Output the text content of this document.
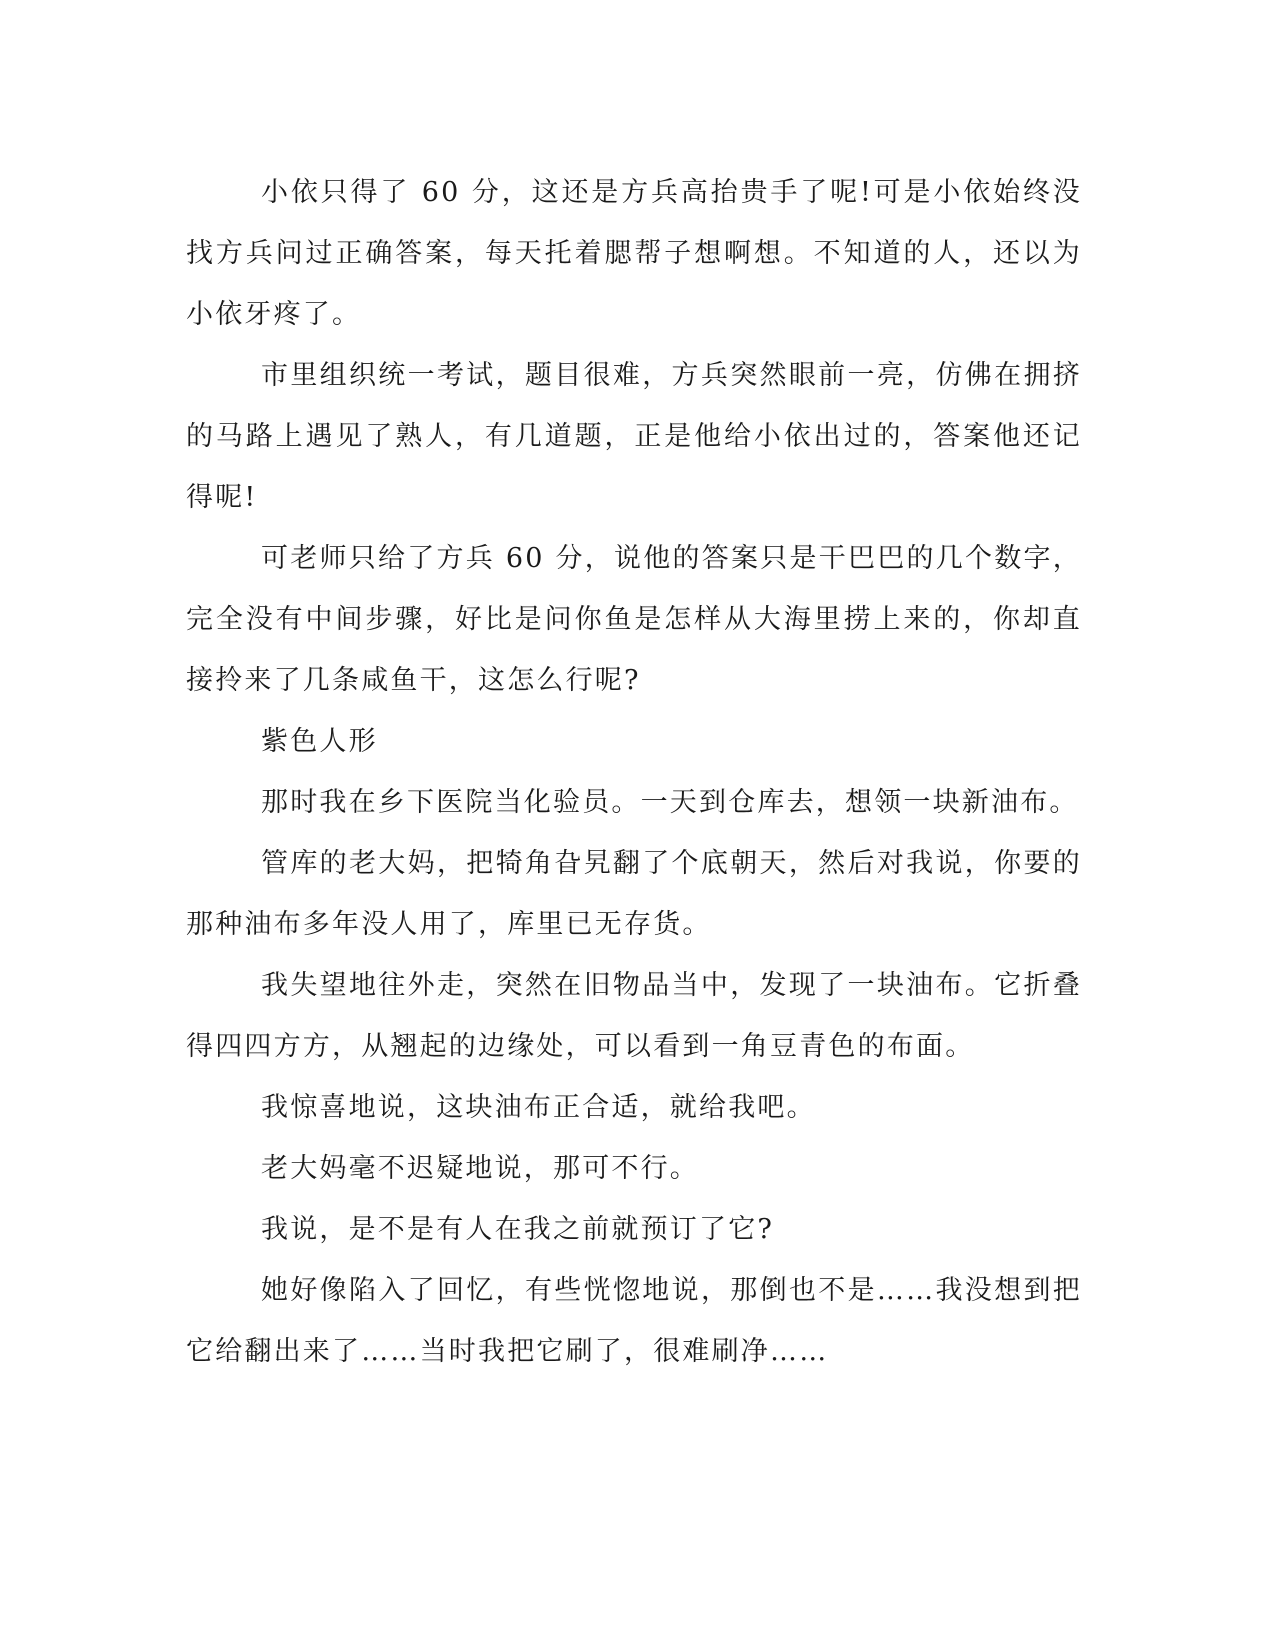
小依只得了 60 分，这还是方兵高抬贵手了呢!可是小依始终没找方兵问过正确答案，每天托着腮帮子想啊想。不知道的人，还以为小依牙疼了。

市里组织统一考试，题目很难，方兵突然眼前一亮，仿佛在拥挤的马路上遇见了熟人，有几道题，正是他给小依出过的，答案他还记得呢!

可老师只给了方兵 60 分，说他的答案只是干巴巴的几个数字，完全没有中间步骤，好比是问你鱼是怎样从大海里捞上来的，你却直接拎来了几条咸鱼干，这怎么行呢?

紫色人形

那时我在乡下医院当化验员。一天到仓库去，想领一块新油布。

管库的老大妈，把犄角旮旯翻了个底朝天，然后对我说，你要的那种油布多年没人用了，库里已无存货。

我失望地往外走，突然在旧物品当中，发现了一块油布。它折叠得四四方方，从翘起的边缘处，可以看到一角豆青色的布面。

我惊喜地说，这块油布正合适，就给我吧。

老大妈毫不迟疑地说，那可不行。

我说，是不是有人在我之前就预订了它?

她好像陷入了回忆，有些恍惚地说，那倒也不是……我没想到把它给翻出来了……当时我把它刷了，很难刷净……
